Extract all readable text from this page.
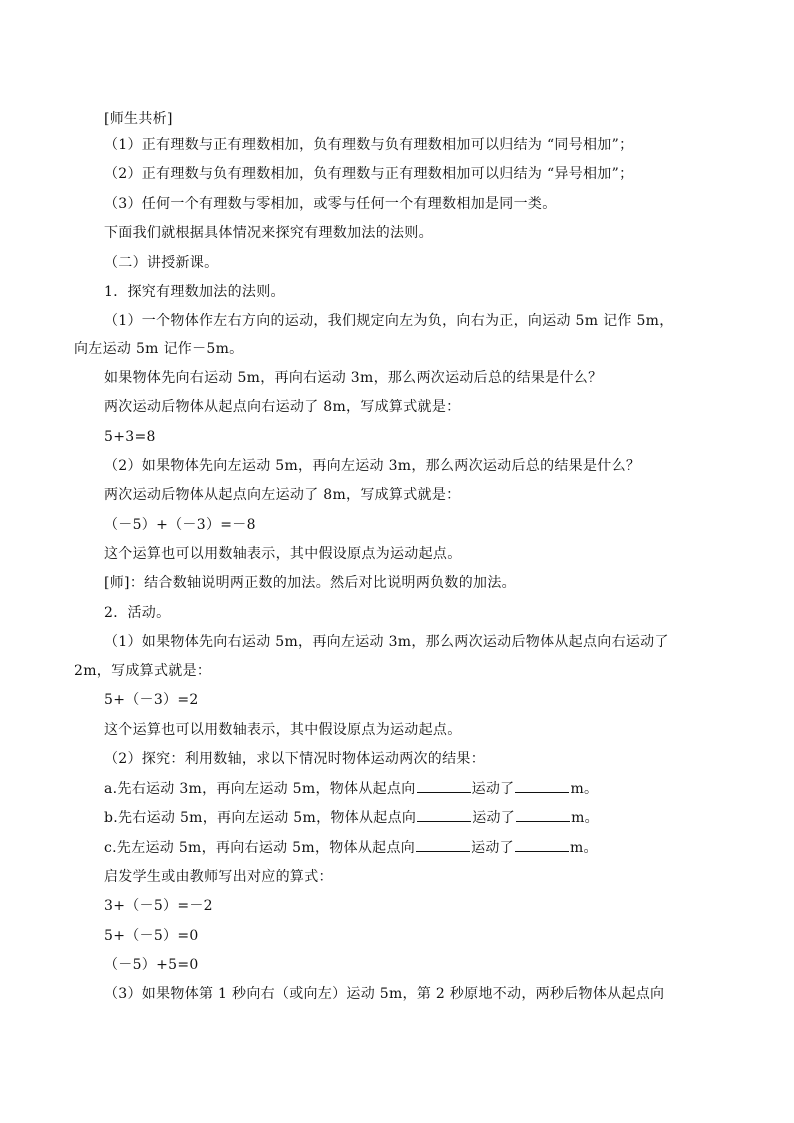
[师生共析]
（1）正有理数与正有理数相加，负有理数与负有理数相加可以归结为 “同号相加”；
（2）正有理数与负有理数相加，负有理数与正有理数相加可以归结为 “异号相加”；
（3）任何一个有理数与零相加，或零与任何一个有理数相加是同一类。
下面我们就根据具体情况来探究有理数加法的法则。
（二）讲授新课。
1．探究有理数加法的法则。
（1）一个物体作左右方向的运动，我们规定向左为负，向右为正，向运动 5m 记作 5m，
向左运动 5m 记作－5m。
如果物体先向右运动 5m，再向右运动 3m，那么两次运动后总的结果是什么？
两次运动后物体从起点向右运动了 8m，写成算式就是：
5+3=8
（2）如果物体先向左运动 5m，再向左运动 3m，那么两次运动后总的结果是什么？
两次运动后物体从起点向左运动了 8m，写成算式就是：
（－5）+（－3）=－8
这个运算也可以用数轴表示，其中假设原点为运动起点。
[师]：结合数轴说明两正数的加法。然后对比说明两负数的加法。
2．活动。
（1）如果物体先向右运动 5m，再向左运动 3m，那么两次运动后物体从起点向右运动了
2m，写成算式就是：
5+（－3）=2
这个运算也可以用数轴表示，其中假设原点为运动起点。
（2）探究：利用数轴，求以下情况时物体运动两次的结果：
a.先右运动 3m，再向左运动 5m，物体从起点向	运动了	m。
b.先右运动 5m，再向左运动 5m，物体从起点向	运动了	m。
c.先左运动 5m，再向右运动 5m，物体从起点向	运动了	m。
启发学生或由教师写出对应的算式：
3+（－5）=－2
5+（－5）=0
（－5）+5=0
（3）如果物体第 1 秒向右（或向左）运动 5m，第 2 秒原地不动，两秒后物体从起点向
